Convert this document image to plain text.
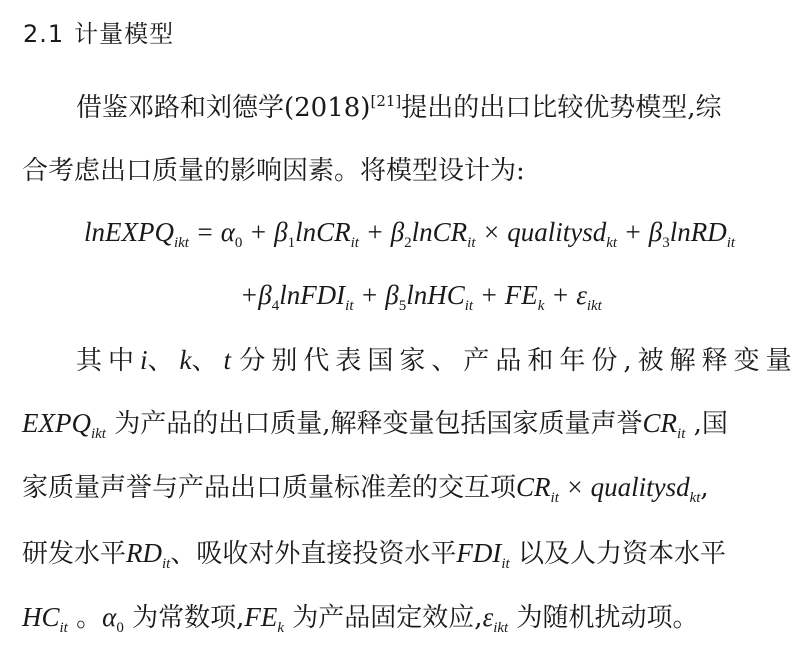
2.1 计量模型
借鉴邓路和刘德学(2018)[21]提出的出口比较优势模型,综
合考虑出口质量的影响因素。将模型设计为:
lnEXPQ$_{ikt}$ = $\alpha_0$ + $\beta_1lnCR_{it}$ + $\beta_2lnCR_{it}$ × qualitysd$_{kt}$ + $\beta_3lnRD_{it}$
$+\beta_4lnFDI_{it}$ + $\beta_5lnHC_{it} + FE_k + \varepsilon_{ikt}$
其中i、k、t 分别代表国家、产品和年份,被解释变量
$EXPQ_{ikt}$ 为产品的出口质量,解释变量包括国家质量声誉$CR_{it}$ ,国
家质量声誉与产品出口质量标准差的交互项$CR_{it}$ × qualitysd$_{kt}$,
研发水平$RD_{it}$、吸收对外直接投资水平$FDI_{it}$ 以及人力资本水平
$HC_{it}$ 。$\alpha_0$ 为常数项$,FE_k$ 为产品固定效应$,\varepsilon_{ikt}$ 为随机扰动项。
